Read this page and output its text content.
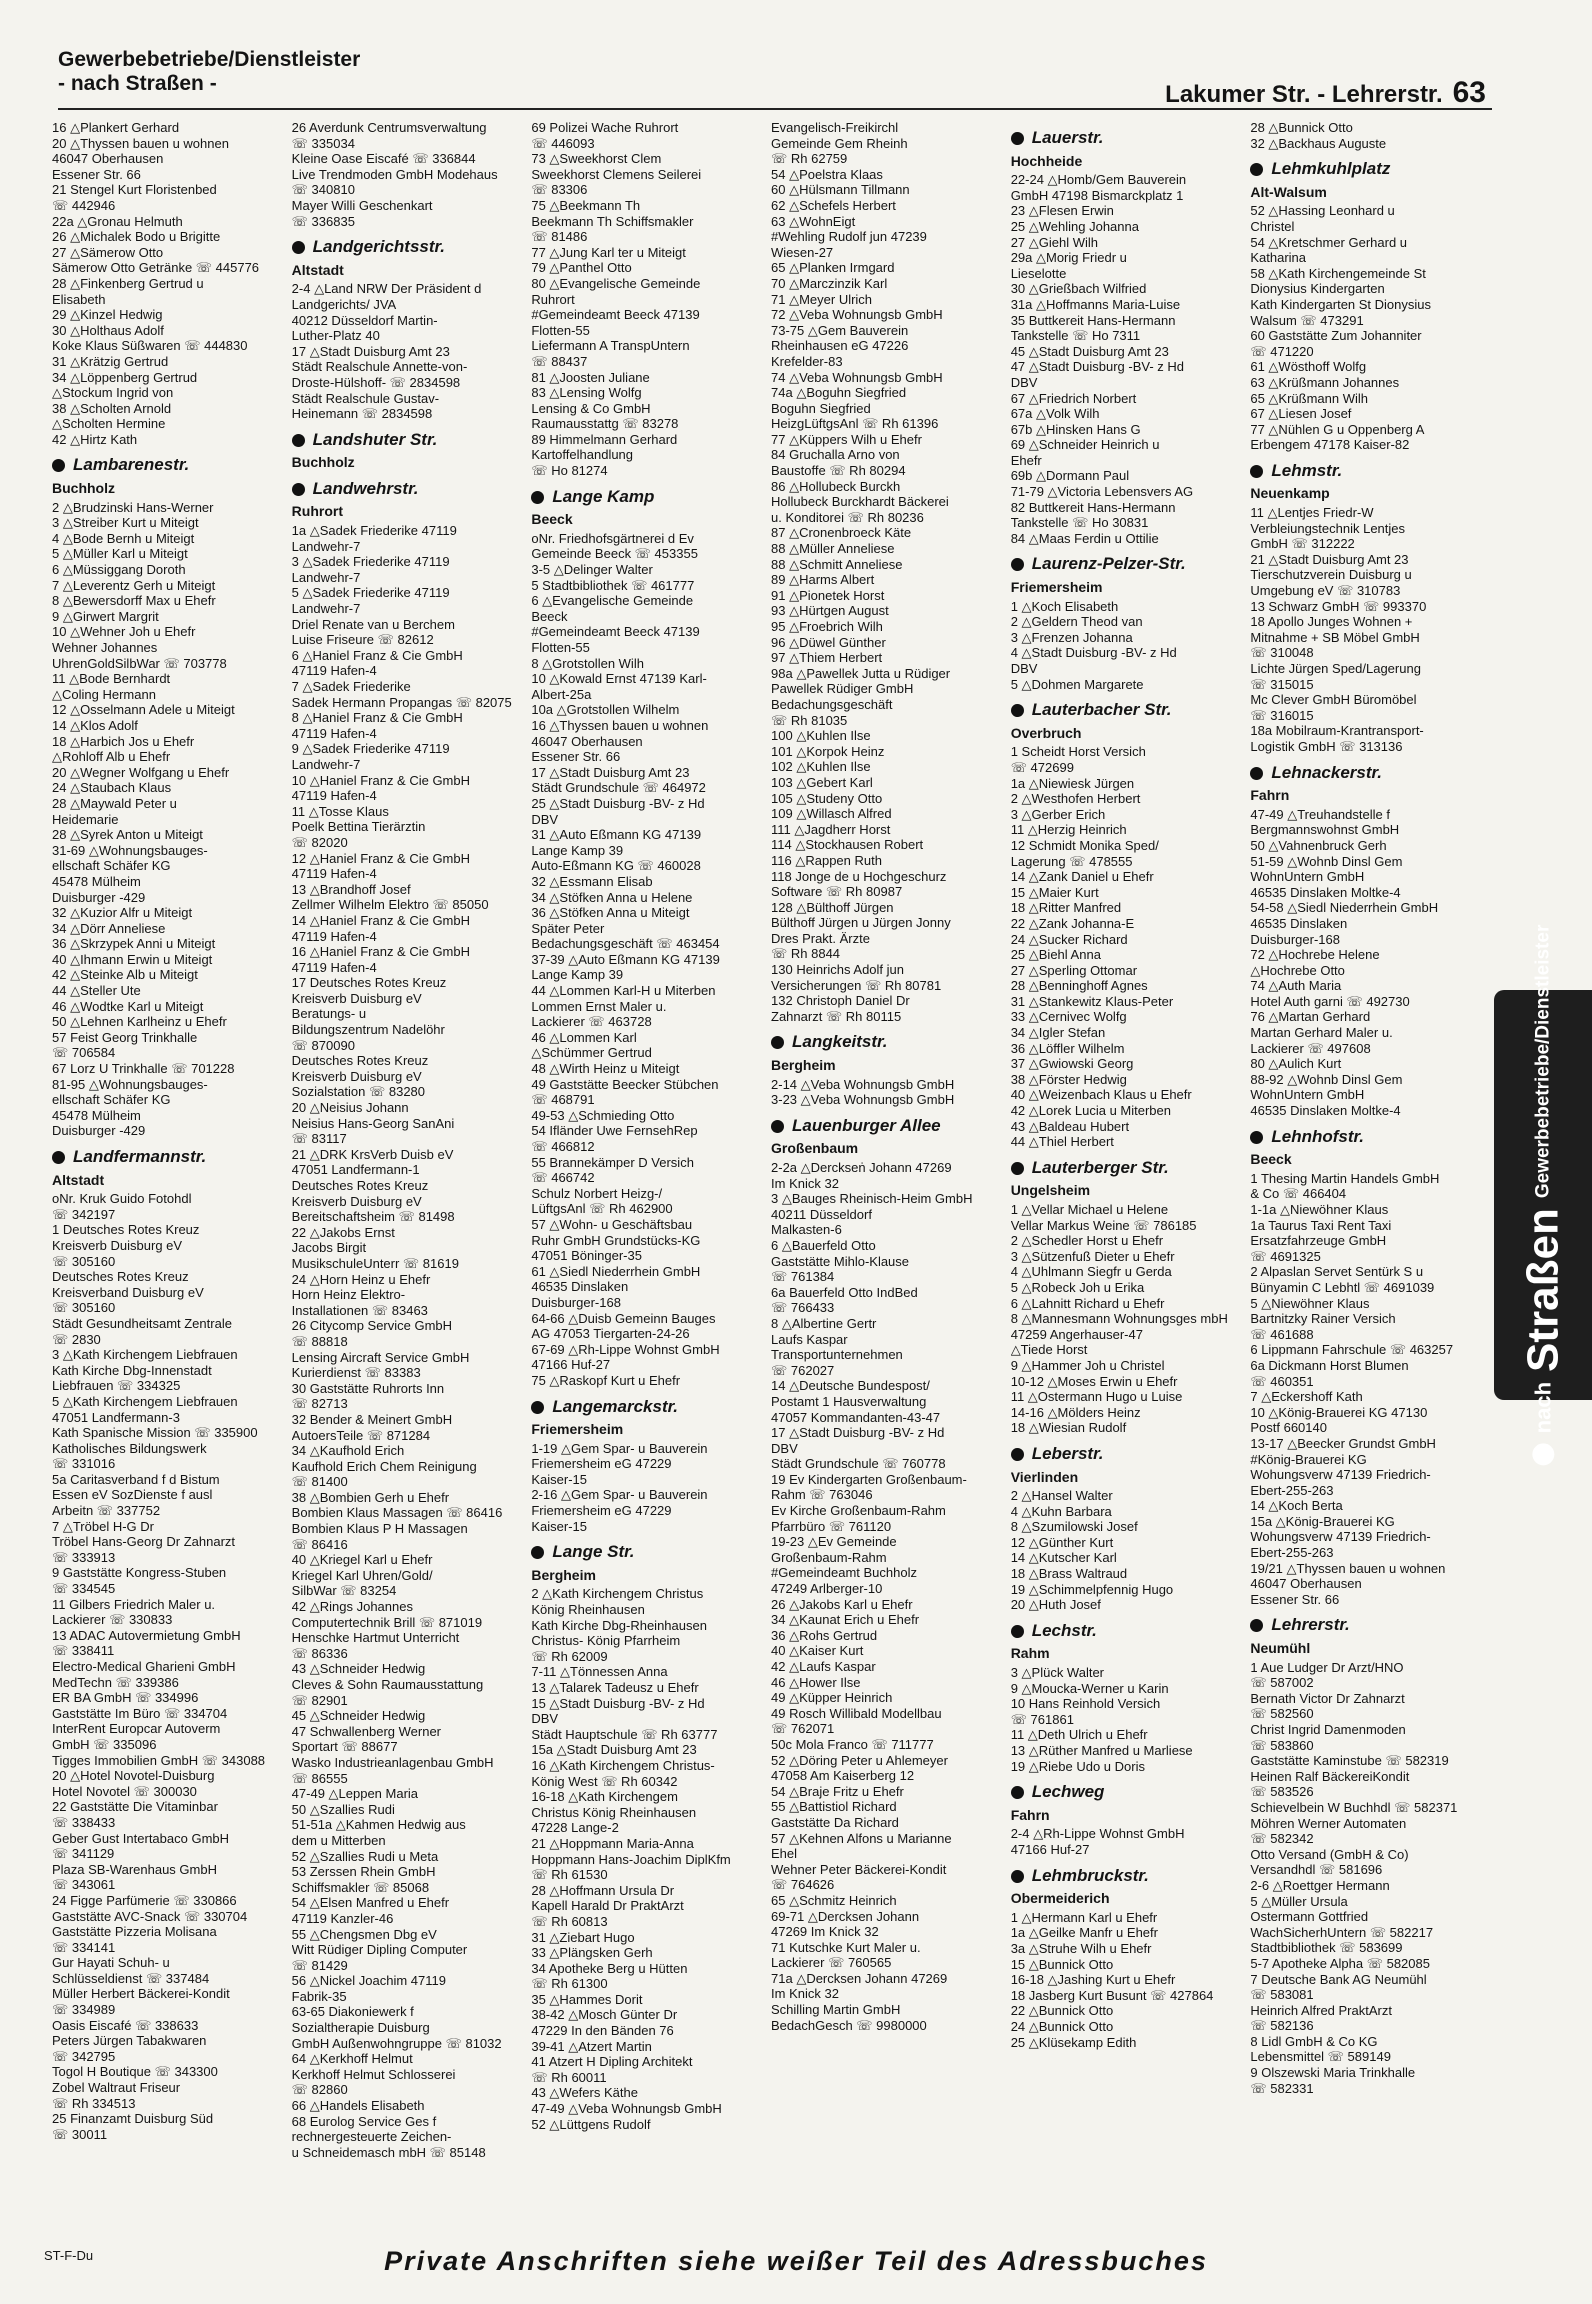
Gewerbebetriebe/Dienstleister
- nach Straßen -	Lakumer Str. - Lehrerstr. 63
16 △Plankert Gerhard
20 △Thyssen bauen u wohnen
46047 Oberhausen
Essener Str. 66
21 Stengel Kurt Floristenbed
☏ 442946
22a △Gronau Helmuth
26 △Michalek Bodo u Brigitte
27 △Sämerow Otto
Sämerow Otto Getränke ☏ 445776
28 △Finkenberg Gertrud u
Elisabeth
29 △Kinzel Hedwig
30 △Holthaus Adolf
Koke Klaus Süßwaren ☏ 444830
31 △Krätzig Gertrud
34 △Löppenberg Gertrud
△Stockum Ingrid von
38 △Scholten Arnold
△Scholten Hermine
42 △Hirtz Kath
Lambarenestr.
Buchholz
2 △Brudzinski Hans-Werner
3 △Streiber Kurt u Miteigt
4 △Bode Bernh u Miteigt
5 △Müller Karl u Miteigt
6 △Müssiggang Doroth
7 △Leverentz Gerh u Miteigt
8 △Bewersdorff Max u Ehefr
9 △Girwert Margrit
10 △Wehner Joh u Ehefr
Wehner Johannes
UhrenGoldSilbWar ☏ 703778
11 △Bode Bernhardt
△Coling Hermann
12 △Ossel​mann Adele u Miteigt
14 △Klos Adolf
18 △Harbich Jos u Ehefr
△Rohloff Alb u Ehefr
20 △Wegner Wolfgang u Ehefr
24 △Staubach Klaus
28 △Maywald Peter u
Heidemarie
28 △Syrek Anton u Miteigt
31-69 △Wohnungsbauges-
ellschaft Schäfer KG
45478 Mülheim
Duisburger -429
32 △Kuzior Alfr u Miteigt
34 △Dörr Anneliese
36 △Skrzypek Anni u Miteigt
40 △Ihmann Erwin u Miteigt
42 △Steinke Alb u Miteigt
44 △Steller Ute
46 △Wodtke Karl u Miteigt
50 △Lehnen Karlheinz u Ehefr
57 Feist Georg Trinkhalle
☏ 706584
67 Lorz U Trinkhalle ☏ 701228
81-95 △Wohnungsbauges-
ellschaft Schäfer KG
45478 Mülheim
Duisburger -429
Landfermannstr.
Altstadt
oNr. Kruk Guido Fotohdl
☏ 342197
1 Deutsches Rotes Kreuz
Kreisverb Duisburg eV
☏ 305160
Deutsches Rotes Kreuz
Kreisverband Duisburg eV
☏ 305160
Städt Gesundheitsamt Zentrale
☏ 2830
3 △Kath Kirchengem Liebfrauen
Kath Kirche Dbg-Innenstadt
Liebfrauen ☏ 334325
5 △Kath Kirchengem Liebfrauen
47051 Landfermann-3
Kath Spanische Mission ☏ 335900
Katholisches Bildungswerk
☏ 331016
5a Caritasverband f d Bistum
Essen eV SozDienste f ausl
Arbeitn ☏ 337752
7 △Tröbel H-G Dr
Tröbel Hans-Georg Dr Zahnarzt
☏ 333913
9 Gaststätte Kongress-Stuben
☏ 334545
11 Gilbers Friedrich Maler u.
Lackierer ☏ 330833
13 ADAC Autovermietung GmbH
☏ 338411
Electro-Medical Gharieni GmbH
MedTechn ☏ 339386
ER BA GmbH ☏ 334996
Gaststätte Im Büro ☏ 334704
InterRent Europcar Autoverm
GmbH ☏ 335096
Tigges Immobilien GmbH ☏ 343088
20 △Hotel Novotel-Duisburg
Hotel Novotel ☏ 300030
22 Gaststätte Die Vitaminbar
☏ 338433
Geber Gust Intertabaco GmbH
☏ 341129
Plaza SB-Warenhaus GmbH
☏ 343061
24 Figge Parfümerie ☏ 330866
Gaststätte AVC-Snack ☏ 330704
Gaststätte Pizzeria Molisana
☏ 334141
Gur Hayati Schuh- u
Schlüsseldienst ☏ 337484
Müller Herbert Bäckerei-Kondit
☏ 334989
Oasis Eiscafé ☏ 338633
Peters Jürgen Tabakwaren
☏ 342795
Togol H Boutique ☏ 343300
Zobel Waltraut Friseur
☏ Rh 334513
25 Finanzamt Duisburg Süd
☏ 30011
26 Averdunk Centrumsverwaltung
☏ 335034
Kleine Oase Eiscafé ☏ 336844
Live Trendmoden GmbH Modehaus
☏ 340810
Mayer Willi Geschenkart
☏ 336835
Landgerichtsstr.
Altstadt
2-4 △Land NRW Der Präsident d
Landgerichts/ JVA
40212 Düsseldorf Martin-
Luther-Platz 40
17 △Stadt Duisburg Amt 23
Städt Realschule Annette-von-
Droste-Hülshoff- ☏ 2834598
Städt Realschule Gustav-
Heinemann ☏ 2834598
Landshuter Str.
Buchholz
Landwehrstr.
Ruhrort
1a △Sadek Friederike 47119
Landwehr-7
3 △Sadek Friederike 47119
Landwehr-7
5 △Sadek Friederike 47119
Landwehr-7
Driel Renate van u Berchem
Luise Friseure ☏ 82612
6 △Haniel Franz & Cie GmbH
47119 Hafen-4
7 △Sadek Friederike
Sadek Hermann Propangas ☏ 82075
8 △Haniel Franz & Cie GmbH
47119 Hafen-4
9 △Sadek Friederike 47119
Landwehr-7
10 △Haniel Franz & Cie GmbH
47119 Hafen-4
11 △Tosse Klaus
Poelk Bettina Tierärztin
☏ 82020
12 △Haniel Franz & Cie GmbH
47119 Hafen-4
13 △Brandhoff Josef
Zellmer Wilhelm Elektro ☏ 85050
14 △Haniel Franz & Cie GmbH
47119 Hafen-4
16 △Haniel Franz & Cie GmbH
47119 Hafen-4
17 Deutsches Rotes Kreuz
Kreisverb Duisburg eV
Beratungs- u
Bildungszentrum Nadelöhr
☏ 870090
Deutsches Rotes Kreuz
Kreisverb Duisburg eV
Sozialstation ☏ 83280
20 △Neisius Johann
Neisius Hans-Georg SanAni
☏ 83117
21 △DRK KrsVerb Duisb eV
47051 Landfermann-1
Deutsches Rotes Kreuz
Kreisverb Duisburg eV
Bereitschaftsheim ☏ 81498
22 △Jakobs Ernst
Jacobs Birgit
MusikschuleUnterr ☏ 81619
24 △Horn Heinz u Ehefr
Horn Heinz Elektro-
Installationen ☏ 83463
26 Citycomp Service GmbH
☏ 88818
Lensing Aircraft Service GmbH
Kurierdienst ☏ 83383
30 Gaststätte Ruhrorts Inn
☏ 82713
32 Bender & Meinert GmbH
AutoersTeile ☏ 871284
34 △Kaufhold Erich
Kaufhold Erich Chem Reinigung
☏ 81400
38 △Bombien Gerh u Ehefr
Bombien Klaus Massagen ☏ 86416
Bombien Klaus P H Massagen
☏ 86416
40 △Kriegel Karl u Ehefr
Kriegel Karl Uhren/Gold/
SilbWar ☏ 83254
42 △Rings Johannes
Computertechnik Brill ☏ 871019
Henschke Hartmut Unterricht
☏ 86336
43 △Schneider Hedwig
Cleves & Sohn Raumausstattung
☏ 82901
45 △Schneider Hedwig
47 Schwallenberg Werner
Sportart ☏ 88677
Wasko Industrieanlagenbau GmbH
☏ 86555
47-49 △Leppen Maria
50 △Szallies Rudi
51-51a △Kahmen Hedwig aus
dem u Mitterben
52 △Szallies Rudi u Meta
53 Zerssen Rhein GmbH
Schiffsmakler ☏ 85068
54 △Elsen Manfred u Ehefr
47119 Kanzler-46
55 △Chengsmen Dbg eV
Witt Rüdiger Dipling Computer
☏ 81429
56 △Nickel Joachim 47119
Fabrik-35
63-65 Diakoniewerk f
Sozialtherapie Duisburg
GmbH Außenwohngruppe ☏ 81032
64 △Kerkhoff Helmut
Kerkhoff Helmut Schlosserei
☏ 82860
66 △Handels Elisabeth
68 Eurolog Service Ges f
rechnergesteuerte Zeichen-
u Schneidemasch mbH ☏ 85148
69 Polizei Wache Ruhrort
☏ 446093
73 △Sweekhorst Clem
Sweekhorst Clemens Seilerei
☏ 83306
75 △Beekmann Th
Beekmann Th Schiffsmakler
☏ 81486
77 △Jung Karl ter u Miteigt
79 △Panthel Otto
80 △Evangelische Gemeinde
Ruhrort
#Gemeindeamt Beeck 47139
Flotten-55
Liefermann A TranspUntern
☏ 88437
81 △Joosten Juliane
83 △Lensing Wolfg
Lensing & Co GmbH
Raumausstattg ☏ 83278
89 Himmelmann Gerhard
Kartoffelhandlung
☏ Ho 81274
Lange Kamp
Beeck
oNr. Friedhofsgärtnerei d Ev
Gemeinde Beeck ☏ 453355
3-5 △Delinger Walter
5 Stadtbibliothek ☏ 461777
6 △Evangelische Gemeinde
Beeck
#Gemeindeamt Beeck 47139
Flotten-55
8 △Grotstollen Wilh
10 △Kowald Ernst 47139 Karl-
Albert-25a
10a △Grotstollen Wilhelm
16 △Thyssen bauen u wohnen
46047 Oberhausen
Essener Str. 66
17 △Stadt Duisburg Amt 23
Städt Grundschule ☏ 464972
25 △Stadt Duisburg -BV- z Hd
DBV
31 △Auto Eßmann KG 47139
Lange Kamp 39
Auto-Eßmann KG ☏ 460028
32 △Essmann Elisab
34 △Stöfken Anna u Helene
36 △Stöfken Anna u Miteigt
Später Peter
Bedachungsgeschäft ☏ 463454
37-39 △Auto Eßmann KG 47139
Lange Kamp 39
44 △Lommen Karl-H u Miterben
Lommen Ernst Maler u.
Lackierer ☏ 463728
46 △Lommen Karl
△Schümmer Gertrud
48 △Wirth Heinz u Miteigt
49 Gaststätte Beecker Stübchen
☏ 468791
49-53 △Schmieding Otto
54 Ifländer Uwe FernsehRep
☏ 466812
55 Brannekämper D Versich
☏ 466742
Schulz Norbert Heizg-/
LüftgsAnl ☏ Rh 462900
57 △Wohn- u Geschäftsbau
Ruhr GmbH Grundstücks-KG
47051 Böninger-35
61 △Siedl Niederrhein GmbH
46535 Dinslaken
Duisburger-168
64-66 △Duisb Gemeinn Bauges
AG 47053 Tiergarten-24-26
67-69 △Rh-Lippe Wohnst GmbH
47166 Huf-27
75 △Raskopf Kurt u Ehefr
Langemarckstr.
Friemersheim
1-19 △Gem Spar- u Bauverein
Friemersheim eG 47229
Kaiser-15
2-16 △Gem Spar- u Bauverein
Friemersheim eG 47229
Kaiser-15
Lange Str.
Bergheim
2 △Kath Kirchengem Christus
König Rheinhausen
Kath Kirche Dbg-Rheinhausen
Christus- König Pfarrheim
☏ Rh 62009
7-11 △Tönnessen Anna
13 △Talarek Tadeusz u Ehefr
15 △Stadt Duisburg -BV- z Hd
DBV
Städt Hauptschule ☏ Rh 63777
15a △Stadt Duisburg Amt 23
16 △Kath Kirchengem Christus-
König West ☏ Rh 60342
16-18 △Kath Kirchengem
Christus König Rheinhausen
47228 Lange-2
21 △Hoppmann Maria-Anna
Hoppmann Hans-Joachim DiplKfm
☏ Rh 61530
28 △Hoffmann Ursula Dr
Kapell Harald Dr PraktArzt
☏ Rh 60813
31 △Ziebart Hugo
33 △Plängsken Gerh
34 Apotheke Berg u Hütten
☏ Rh 61300
35 △Hammes Dorit
38-42 △Mosch Günter Dr
47229 In den Bänden 76
39-41 △Atzert Martin
41 Atzert H Dipling Architekt
☏ Rh 60011
43 △Wefers Käthe
47-49 △Veba Wohnungsb GmbH
52 △Lüttgens Rudolf
Evangelisch-Freikirchl
Gemeinde Gem Rheinh
☏ Rh 62759
54 △Poelstra Klaas
60 △Hülsmann Tillmann
62 △Schefels Herbert
63 △WohnEigt
#Wehling Rudolf jun 47239
Wiesen-27
65 △Planken Irmgard
70 △Marczinzik Karl
71 △Meyer Ulrich
72 △Veba Wohnungsb GmbH
73-75 △Gem Bauverein
Rheinhausen eG 47226
Krefelder-83
74 △Veba Wohnungsb GmbH
74a △Boguhn Siegfried
Boguhn Siegfried
HeizgLüftgsAnl ☏ Rh 61396
77 △Küppers Wilh u Ehefr
84 Gruchalla Arno von
Baustoffe ☏ Rh 80294
86 △Hollubeck Burckh
Hollubeck Burckhardt Bäckerei
u. Konditorei ☏ Rh 80236
87 △Cronenbroeck Käte
88 △Müller Anneliese
88 △Schmitt Anneliese
89 △Harms Albert
91 △Pionetek Horst
93 △Hürtgen August
95 △Froebrich Wilh
96 △Düwel Günther
97 △Thiem Herbert
98a △Pawellek Jutta u Rüdiger
Pawellek Rüdiger GmbH
Bedachungsgeschäft
☏ Rh 81035
100 △Kuhlen Ilse
101 △Korpok Heinz
102 △Kuhlen Ilse
103 △Gebert Karl
105 △Studeny Otto
109 △Willasch Alfred
111 △Jagdherr Horst
114 △Stockhausen Robert
116 △Rappen Ruth
118 Jonge de u Hochgeschurz
Software ☏ Rh 80987
128 △Bülthoff Jürgen
Bülthoff Jürgen u Jürgen Jonny
Dres Prakt. Ärzte
☏ Rh 8844
130 Heinrichs Adolf jun
Versicherungen ☏ Rh 80781
132 Christoph Daniel Dr
Zahnarzt ☏ Rh 80115
Langkeitstr.
Bergheim
2-14 △Veba Wohnungsb GmbH
3-23 △Veba Wohnungsb GmbH
Lauenburger Allee
Großenbaum
2-2a △Derckseṅ Johann 47269
Im Knick 32
3 △Bauges Rheinisch-Heim GmbH
40211 Düsseldorf
Malkasten-6
6 △Bauerfeld Otto
Gaststätte Mihlo-Klause
☏ 761384
6a Bauerfeld Otto IndBed
☏ 766433
8 △Albertine Gertr
Laufs Kaspar
Transportunternehmen
☏ 762027
14 △Deutsche Bundespost/
Postamt 1 Hausverwaltung
47057 Kommandanten-43-47
17 △Stadt Duisburg -BV- z Hd
DBV
Städt Grundschule ☏ 760778
19 Ev Kindergarten Großenbaum-
Rahm ☏ 763046
Ev Kirche Großenbaum-Rahm
Pfarrbüro ☏ 761120
19-23 △Ev Gemeinde
Großenbaum-Rahm
#Gemeindeamt Buchholz
47249 Arlberger-10
26 △Jakobs Karl u Ehefr
34 △Kaunat Erich u Ehefr
36 △Rohs Gertrud
40 △Kaiser Kurt
42 △Laufs Kaspar
46 △Hower Ilse
49 △Küpper Heinrich
49 Rosch Willibald Modellbau
☏ 762071
50c Mola Franco ☏ 711777
52 △Döring Peter u Ahlemeyer
47058 Am Kaiserberg 12
54 △Braje Fritz u Ehefr
55 △Battistiol Richard
Gaststätte Da Richard
57 △Kehnen Alfons u Marianne
Ehel
Wehner Peter Bäckerei-Kondit
☏ 764626
65 △Schmitz Heinrich
69-71 △Dercksen Johann
47269 Im Knick 32
71 Kutschke Kurt Maler u.
Lackierer ☏ 760565
71a △Dercksen Johann 47269
Im Knick 32
Schilling Martin GmbH
BedachGesch ☏ 9980000
Lauerstr.
Hochheide
22-24 △Homb/Gem Bauverein
GmbH 47198 Bismarckplatz 1
23 △Flesen Erwin
25 △Wehling Johanna
27 △Giehl Wilh
29a △Morig Friedr u
Lieselotte
30 △Grießbach Wilfried
31a △Hoffmanns Maria-Luise
35 Buttkereit Hans-Hermann
Tankstelle ☏ Ho 7311
45 △Stadt Duisburg Amt 23
47 △Stadt Duisburg -BV- z Hd
DBV
67 △Friedrich Norbert
67a △Volk Wilh
67b △Hinsken Hans G
69 △Schneider Heinrich u
Ehefr
69b △Dormann Paul
71-79 △Victoria Lebensvers AG
82 Buttkereit Hans-Hermann
Tankstelle ☏ Ho 30831
84 △Maas Ferdin u Ottilie
Laurenz-Pelzer-Str.
Friemersheim
1 △Koch Elisabeth
2 △Geldern Theod van
3 △Frenzen Johanna
4 △Stadt Duisburg -BV- z Hd
DBV
5 △Dohmen Margarete
Lauterbacher Str.
Overbruch
1 Scheidt Horst Versich
☏ 472699
1a △Niewiesk Jürgen
2 △Westhofen Herbert
3 △Gerber Erich
11 △Herzig Heinrich
12 Schmidt Monika Sped/
Lagerung ☏ 478555
14 △Zank Daniel u Ehefr
15 △Maier Kurt
18 △Ritter Manfred
22 △Zank Johanna-E
24 △Sucker Richard
25 △Biehl Anna
27 △Sperling Ottomar
28 △Benninghoff Agnes
31 △Stankewitz Klaus-Peter
33 △Cernivec Wolfg
34 △Igler Stefan
36 △Löffler Wilhelm
37 △Gwiowski Georg
38 △Förster Hedwig
40 △Weizenbach Klaus u Ehefr
42 △Lorek Lucia u Miterben
43 △Baldeau Hubert
44 △Thiel Herbert
Lauterberger Str.
Ungelsheim
1 △Vellar Michael u Helene
Vellar Markus Weine ☏ 786185
2 △Schedler Horst u Ehefr
3 △Sützenfuß Dieter u Ehefr
4 △Uhlmann Siegfr u Gerda
5 △Robeck Joh u Erika
6 △Lahnitt Richard u Ehefr
8 △Mannesmann Wohnungsges mbH
47259 Angerhauser-47
△Tiede Horst
9 △Hammer Joh u Christel
10-12 △Moses Erwin u Ehefr
11 △Ostermann Hugo u Luise
14-16 △Mölders Heinz
18 △Wiesian Rudolf
Leberstr.
Vierlinden
2 △Hansel Walter
4 △Kuhn Barbara
8 △Szumilowski Josef
12 △Günther Kurt
14 △Kutscher Karl
18 △Brass Waltraud
19 △Schimmelpfennig Hugo
20 △Huth Josef
Lechstr.
Rahm
3 △Plück Walter
9 △Moucka-Werner u Karin
10 Hans Reinhold Versich
☏ 761861
11 △Deth Ulrich u Ehefr
13 △Rüther Manfred u Marliese
19 △Riebe Udo u Doris
Lechweg
Fahrn
2-4 △Rh-Lippe Wohnst GmbH
47166 Huf-27
Lehmbruckstr.
Obermeiderich
1 △Hermann Karl u Ehefr
1a △Geilke Manfr u Ehefr
3a △Struhe Wilh u Ehefr
15 △Bunnick Otto
16-18 △Jashing Kurt u Ehefr
18 Jasberg Kurt Busunt ☏ 427864
22 △Bunnick Otto
24 △Bunnick Otto
25 △Klüsekamp Edith
28 △Bunnick Otto
32 △Backhaus Auguste
Lehmkuhlplatz
Alt-Walsum
52 △Hassing Leonhard u
Christel
54 △Kretschmer Gerhard u
Katharina
58 △Kath Kirchengemeinde St
Dionysius Kindergarten
Kath Kindergarten St Dionysius
Walsum ☏ 473291
60 Gaststätte Zum Johanniter
☏ 471220
61 △Wösthoff Wolfg
63 △Krüßmann Johannes
65 △Krüßmann Wilh
67 △Liesen Josef
77 △Nühlen G u Oppenberg A
Erbengem 47178 Kaiser-82
Lehmstr.
Neuenkamp
11 △Lentjes Friedr-W
Verbleiungstechnik Lentjes
GmbH ☏ 312222
21 △Stadt Duisburg Amt 23
Tierschutzverein Duisburg u
Umgebung eV ☏ 310783
13 Schwarz GmbH ☏ 993370
18 Apollo Junges Wohnen +
Mitnahme + SB Möbel GmbH
☏ 310048
Lichte Jürgen Sped/Lagerung
☏ 315015
Mc Clever GmbH Büromöbel
☏ 316015
18a Mobilraum-Krantransport-
Logistik GmbH ☏ 313136
Lehnackerstr.
Fahrn
47-49 △Treuhandstelle f
Bergmannswohnst GmbH
50 △Vahnenbruck Gerh
51-59 △Wohnb Dinsl Gem
WohnUntern GmbH
46535 Dinslaken Moltke-4
54-58 △Siedl Niederrhein GmbH
46535 Dinslaken
Duisburger-168
72 △Hochrebe Helene
△Hochrebe Otto
74 △Auth Maria
Hotel Auth garni ☏ 492730
76 △Martan Gerhard
Martan Gerhard Maler u.
Lackierer ☏ 497608
80 △Aulich Kurt
88-92 △Wohnb Dinsl Gem
WohnUntern GmbH
46535 Dinslaken Moltke-4
Lehnhofstr.
Beeck
1 Thesing Martin Handels GmbH
& Co ☏ 466404
1-1a △Niewöhner Klaus
1a Taurus Taxi Rent Taxi
Ersatzfahrzeuge GmbH
☏ 4691325
2 Alpaslan Servet Sentürk S u
Bünyamin C Lebhtl ☏ 4691039
5 △Niewöhner Klaus
Bartnitzky Rainer Versich
☏ 461688
6 Lippmann Fahrschule ☏ 463257
6a Dickmann Horst Blumen
☏ 460351
7 △Eckershoff Kath
10 △König-Brauerei KG 47130
Postf 660140
13-17 △Beecker Grundst GmbH
#König-Brauerei KG
Wohungsverw 47139 Friedrich-
Ebert-255-263
14 △Koch Berta
15a △König-Brauerei KG
Wohungsverw 47139 Friedrich-
Ebert-255-263
19/21 △Thyssen bauen u wohnen
46047 Oberhausen
Essener Str. 66
Lehrerstr.
Neumühl
1 Aue Ludger Dr Arzt/HNO
☏ 587002
Bernath Victor Dr Zahnarzt
☏ 582560
Christ Ingrid Damenmoden
☏ 583860
Gaststätte Kaminstube ☏ 582319
Heinen Ralf BäckereiKondit
☏ 583526
Schievelbein W Buchhdl ☏ 582371
Möhren Werner Automaten
☏ 582342
Otto Versand (GmbH & Co)
Versandhdl ☏ 581696
2-6 △Roettger Hermann
5 △Müller Ursula
Ostermann Gottfried
WachSicherhUntern ☏ 582217
Stadtbibliothek ☏ 583699
5-7 Apotheke Alpha ☏ 582085
7 Deutsche Bank AG Neumühl
☏ 583081
Heinrich Alfred PraktArzt
☏ 582136
8 Lidl GmbH & Co KG
Lebensmittel ☏ 589149
9 Olszewski Maria Trinkhalle
☏ 582331
nach
Straßen
Gewerbebetriebe/Dienstleister
ST-F-Du	Private Anschriften siehe weißer Teil des Adressbuches
